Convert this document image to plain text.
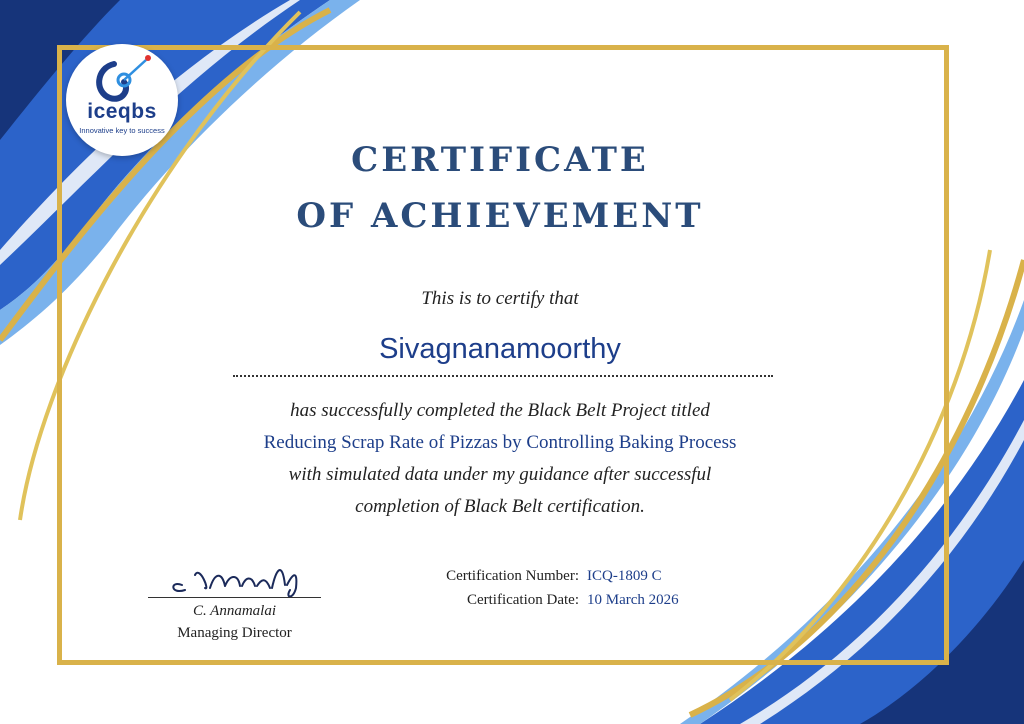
iceqbs
Innovative key to success
CERTIFICATE
OF ACHIEVEMENT
This is to certify that
Sivagnanamoorthy
has successfully completed the Black Belt Project titled
Reducing Scrap Rate of Pizzas by Controlling Baking Process
with simulated data under my guidance after successful
completion of Black Belt certification.
C. Annamalai
Managing Director
Certification Number: ICQ-1809 C
Certification Date: 10 March 2026
